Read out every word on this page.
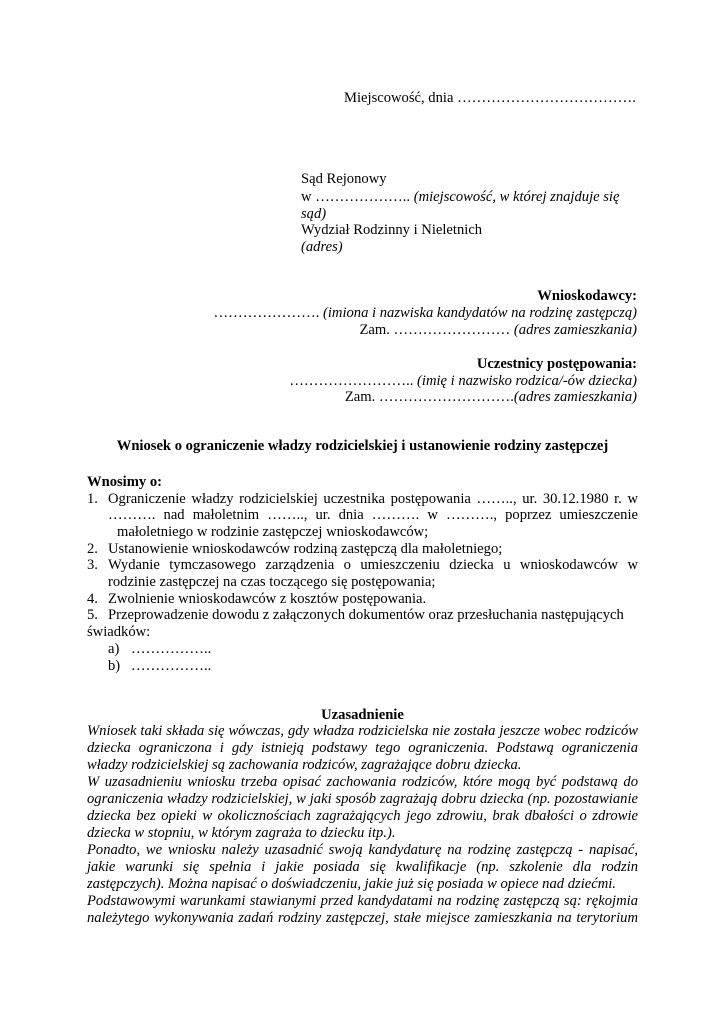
Miejscowość, dnia ……………………………….
Sąd Rejonowy
w ……………….. (miejscowość, w której znajduje się
sąd)
Wydział Rodzinny i Nieletnich
(adres)
Wnioskodawcy:
…………………. (imiona i nazwiska kandydatów na rodzinę zastępczą)
Zam. …………………… (adres zamieszkania)
Uczestnicy postępowania:
…………………….. (imię i nazwisko rodzica/-ów dziecka)
Zam. ……………………….(adres zamieszkania)
Wniosek o ograniczenie władzy rodzicielskiej i ustanowienie rodziny zastępczej
Wnosimy o:
1. Ograniczenie władzy rodzicielskiej uczestnika postępowania …….., ur. 30.12.1980 r. w
………. nad małoletnim …….., ur. dnia ………. w ………., poprzez umieszczenie
małoletniego w rodzinie zastępczej wnioskodawców;
2. Ustanowienie wnioskodawców rodziną zastępczą dla małoletniego;
3. Wydanie tymczasowego zarządzenia o umieszczeniu dziecka u wnioskodawców w
rodzinie zastępczej na czas toczącego się postępowania;
4. Zwolnienie wnioskodawców z kosztów postępowania.
5. Przeprowadzenie dowodu z załączonych dokumentów oraz przesłuchania następujących
świadków:
a) ……………..
b) ……………..
Uzasadnienie
Wniosek taki składa się wówczas, gdy władza rodzicielska nie została jeszcze wobec rodziców
dziecka ograniczona i gdy istnieją podstawy tego ograniczenia. Podstawą ograniczenia
władzy rodzicielskiej są zachowania rodziców, zagrażające dobru dziecka.
W uzasadnieniu wniosku trzeba opisać zachowania rodziców, które mogą być podstawą do
ograniczenia władzy rodzicielskiej, w jaki sposób zagrażają dobru dziecka (np. pozostawianie
dziecka bez opieki w okolicznościach zagrażających jego zdrowiu, brak dbałości o zdrowie
dziecka w stopniu, w którym zagraża to dziecku itp.).
Ponadto, we wniosku należy uzasadnić swoją kandydaturę na rodzinę zastępczą - napisać,
jakie warunki się spełnia i jakie posiada się kwalifikacje (np. szkolenie dla rodzin
zastępczych). Można napisać o doświadczeniu, jakie już się posiada w opiece nad dziećmi.
Podstawowymi warunkami stawianymi przed kandydatami na rodzinę zastępczą są: rękojmia
należytego wykonywania zadań rodziny zastępczej, stałe miejsce zamieszkania na terytorium
